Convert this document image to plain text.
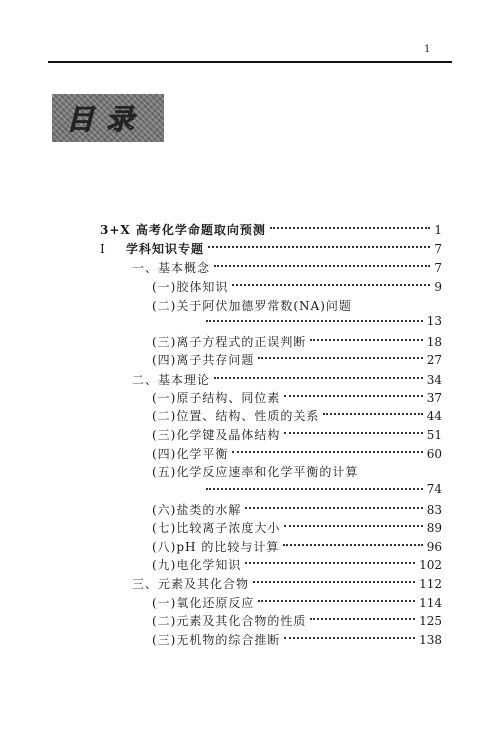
1
目录
3+X 高考化学命题取向预测	1
I	学科知识专题	7
一、基本概念	7
(一)胶体知识	9
(二)关于阿伏加德罗常数(NA)问题
13
(三)离子方程式的正误判断	18
(四)离子共存问题	27
二、基本理论	34
(一)原子结构、同位素	37
(二)位置、结构、性质的关系	44
(三)化学键及晶体结构	51
(四)化学平衡	60
(五)化学反应速率和化学平衡的计算
74
(六)盐类的水解	83
(七)比较离子浓度大小	89
(八)pH 的比较与计算	96
(九)电化学知识	102
三、元素及其化合物	112
(一)氧化还原反应	114
(二)元素及其化合物的性质	125
(三)无机物的综合推断	138
